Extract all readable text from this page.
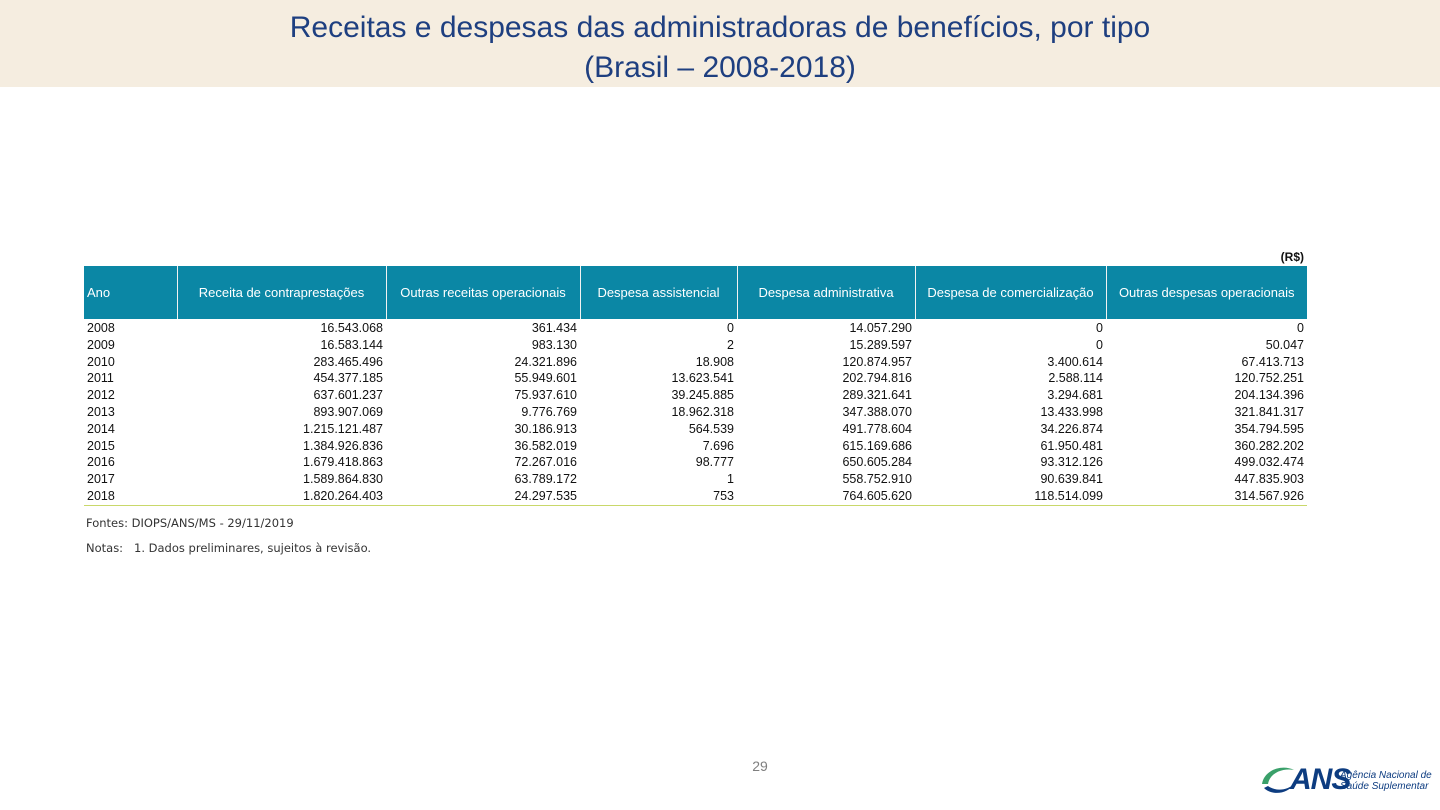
Receitas e despesas das administradoras de benefícios, por tipo
(Brasil – 2008-2018)
(R$)
Ano	Receita de contraprestações	Outras receitas operacionais	Despesa assistencial	Despesa administrativa	Despesa de comercialização	Outras despesas operacionais

2008	16.543.068	361.434	0	14.057.290	0	0
2009	16.583.144	983.130	2	15.289.597	0	50.047
2010	283.465.496	24.321.896	18.908	120.874.957	3.400.614	67.413.713
2011	454.377.185	55.949.601	13.623.541	202.794.816	2.588.114	120.752.251
2012	637.601.237	75.937.610	39.245.885	289.321.641	3.294.681	204.134.396
2013	893.907.069	9.776.769	18.962.318	347.388.070	13.433.998	321.841.317
2014	1.215.121.487	30.186.913	564.539	491.778.604	34.226.874	354.794.595
2015	1.384.926.836	36.582.019	7.696	615.169.686	61.950.481	360.282.202
2016	1.679.418.863	72.267.016	98.777	650.605.284	93.312.126	499.032.474
2017	1.589.864.830	63.789.172	1	558.752.910	90.639.841	447.835.903
2018	1.820.264.403	24.297.535	753	764.605.620	118.514.099	314.567.926
Fontes: DIOPS/ANS/MS - 29/11/2019
Notas:   1. Dados preliminares, sujeitos à revisão.
29	ANS
Agência Nacional de
Saúde Suplementar
